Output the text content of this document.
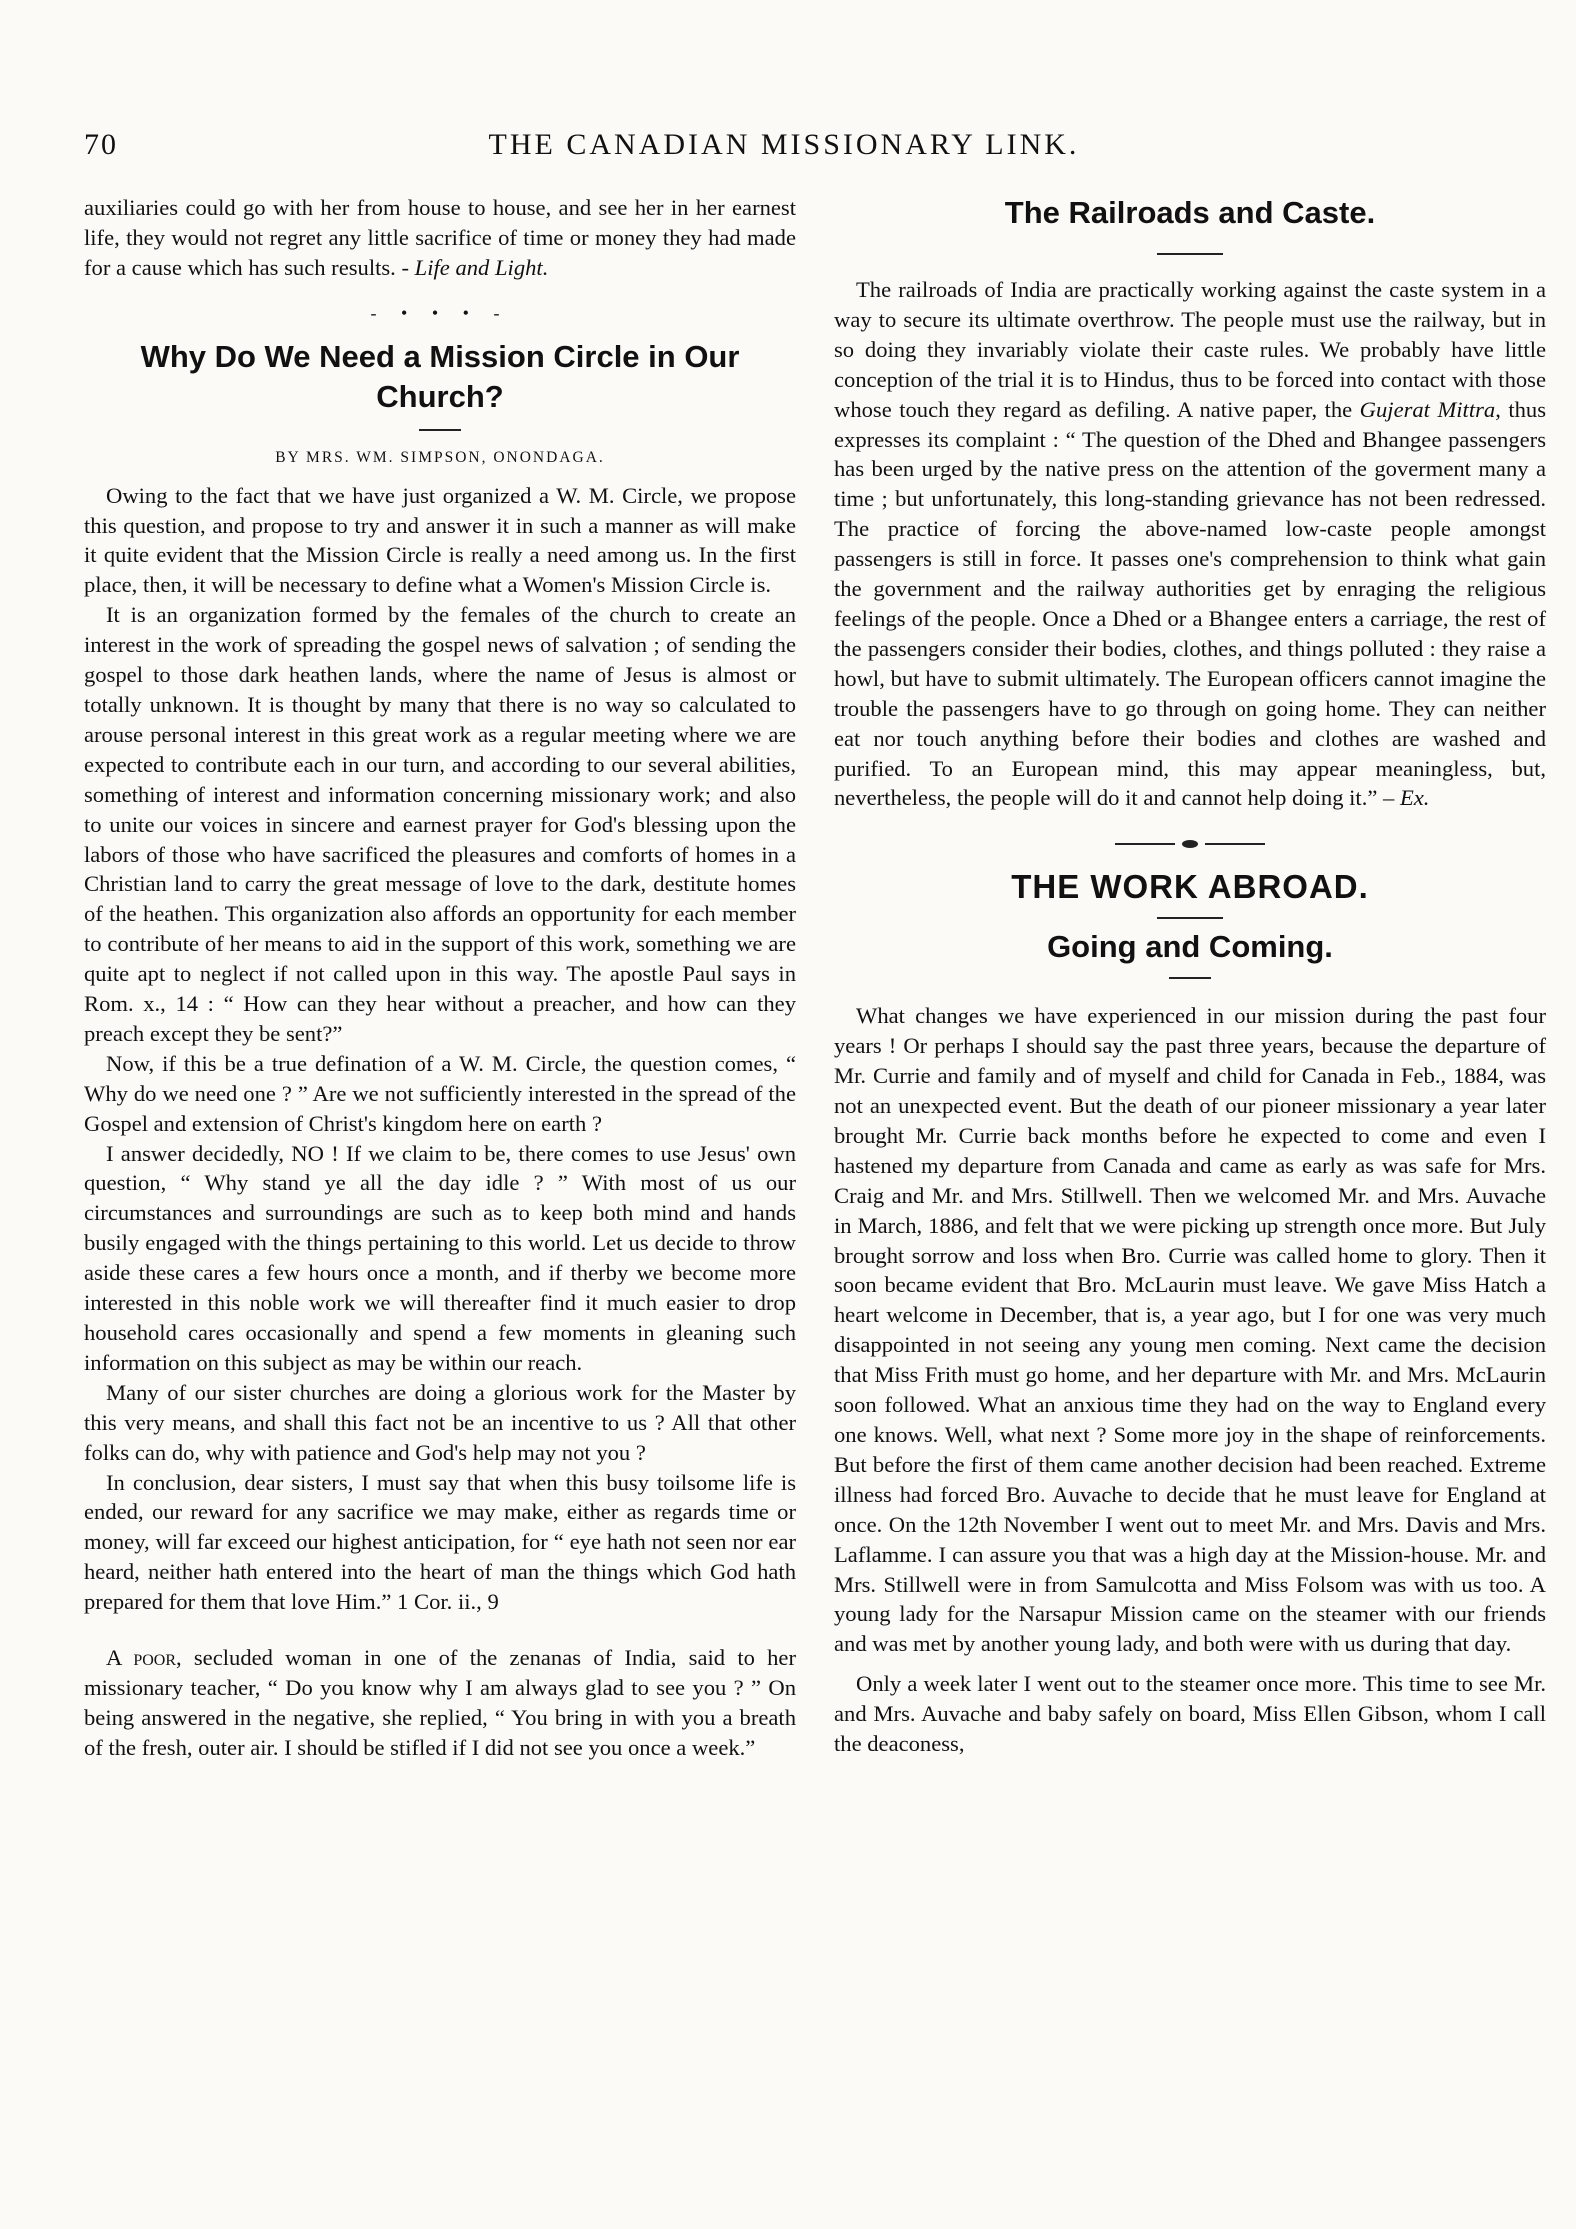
70	THE CANADIAN MISSIONARY LINK.

auxiliaries could go with her from house to house, and see her in her earnest life, they would not regret any little sacrifice of time or money they had made for a cause which has such results. - Life and Light.

- • • • -
Why Do We Need a Mission Circle in Our Church?

BY MRS. WM. SIMPSON, ONONDAGA.

Owing to the fact that we have just organized a W. M. Circle, we propose this question, and propose to try and answer it in such a manner as will make it quite evident that the Mission Circle is really a need among us. In the first place, then, it will be necessary to define what a Women's Mission Circle is.

It is an organization formed by the females of the church to create an interest in the work of spreading the gospel news of salvation ; of sending the gospel to those dark heathen lands, where the name of Jesus is almost or totally unknown. It is thought by many that there is no way so calculated to arouse personal interest in this great work as a regular meeting where we are expected to contribute each in our turn, and according to our several abilities, something of interest and information concerning missionary work; and also to unite our voices in sincere and earnest prayer for God's blessing upon the labors of those who have sacrificed the pleasures and comforts of homes in a Christian land to carry the great message of love to the dark, destitute homes of the heathen. This organization also affords an opportunity for each member to contribute of her means to aid in the support of this work, something we are quite apt to neglect if not called upon in this way. The apostle Paul says in Rom. x., 14 : “ How can they hear without a preacher, and how can they preach except they be sent?”

Now, if this be a true defination of a W. M. Circle, the question comes, “ Why do we need one ? ” Are we not sufficiently interested in the spread of the Gospel and extension of Christ's kingdom here on earth ?

I answer decidedly, NO ! If we claim to be, there comes to use Jesus' own question, “ Why stand ye all the day idle ? ” With most of us our circumstances and surroundings are such as to keep both mind and hands busily engaged with the things pertaining to this world. Let us decide to throw aside these cares a few hours once a month, and if therby we become more interested in this noble work we will thereafter find it much easier to drop household cares occasionally and spend a few moments in gleaning such information on this subject as may be within our reach.

Many of our sister churches are doing a glorious work for the Master by this very means, and shall this fact not be an incentive to us ? All that other folks can do, why with patience and God's help may not you ?

In conclusion, dear sisters, I must say that when this busy toilsome life is ended, our reward for any sacrifice we may make, either as regards time or money, will far exceed our highest anticipation, for “ eye hath not seen nor ear heard, neither hath entered into the heart of man the things which God hath prepared for them that love Him.” 1 Cor. ii., 9

A poor, secluded woman in one of the zenanas of India, said to her missionary teacher, “ Do you know why I am always glad to see you ? ” On being answered in the negative, she replied, “ You bring in with you a breath of the fresh, outer air. I should be stifled if I did not see you once a week.”

The Railroads and Caste.

The railroads of India are practically working against the caste system in a way to secure its ultimate overthrow. The people must use the railway, but in so doing they invariably violate their caste rules. We probably have little conception of the trial it is to Hindus, thus to be forced into contact with those whose touch they regard as defiling. A native paper, the Gujerat Mittra, thus expresses its complaint : “ The question of the Dhed and Bhangee passengers has been urged by the native press on the attention of the goverment many a time ; but unfortunately, this long-standing grievance has not been redressed. The practice of forcing the above-named low-caste people amongst passengers is still in force. It passes one's comprehension to think what gain the government and the railway authorities get by enraging the religious feelings of the people. Once a Dhed or a Bhangee enters a carriage, the rest of the passengers consider their bodies, clothes, and things polluted : they raise a howl, but have to submit ultimately. The European officers cannot imagine the trouble the passengers have to go through on going home. They can neither eat nor touch anything before their bodies and clothes are washed and purified. To an European mind, this may appear meaningless, but, nevertheless, the people will do it and cannot help doing it.” – Ex.

THE WORK ABROAD.
Going and Coming.

What changes we have experienced in our mission during the past four years ! Or perhaps I should say the past three years, because the departure of Mr. Currie and family and of myself and child for Canada in Feb., 1884, was not an unexpected event. But the death of our pioneer missionary a year later brought Mr. Currie back months before he expected to come and even I hastened my departure from Canada and came as early as was safe for Mrs. Craig and Mr. and Mrs. Stillwell. Then we welcomed Mr. and Mrs. Auvache in March, 1886, and felt that we were picking up strength once more. But July brought sorrow and loss when Bro. Currie was called home to glory. Then it soon became evident that Bro. McLaurin must leave. We gave Miss Hatch a heart welcome in December, that is, a year ago, but I for one was very much disappointed in not seeing any young men coming. Next came the decision that Miss Frith must go home, and her departure with Mr. and Mrs. McLaurin soon followed. What an anxious time they had on the way to England every one knows. Well, what next ? Some more joy in the shape of reinforcements. But before the first of them came another decision had been reached. Extreme illness had forced Bro. Auvache to decide that he must leave for England at once. On the 12th November I went out to meet Mr. and Mrs. Davis and Mrs. Laflamme. I can assure you that was a high day at the Mission-house. Mr. and Mrs. Stillwell were in from Samulcotta and Miss Folsom was with us too. A young lady for the Narsapur Mission came on the steamer with our friends and was met by another young lady, and both were with us during that day.

Only a week later I went out to the steamer once more. This time to see Mr. and Mrs. Auvache and baby safely on board, Miss Ellen Gibson, whom I call the deaconess,
